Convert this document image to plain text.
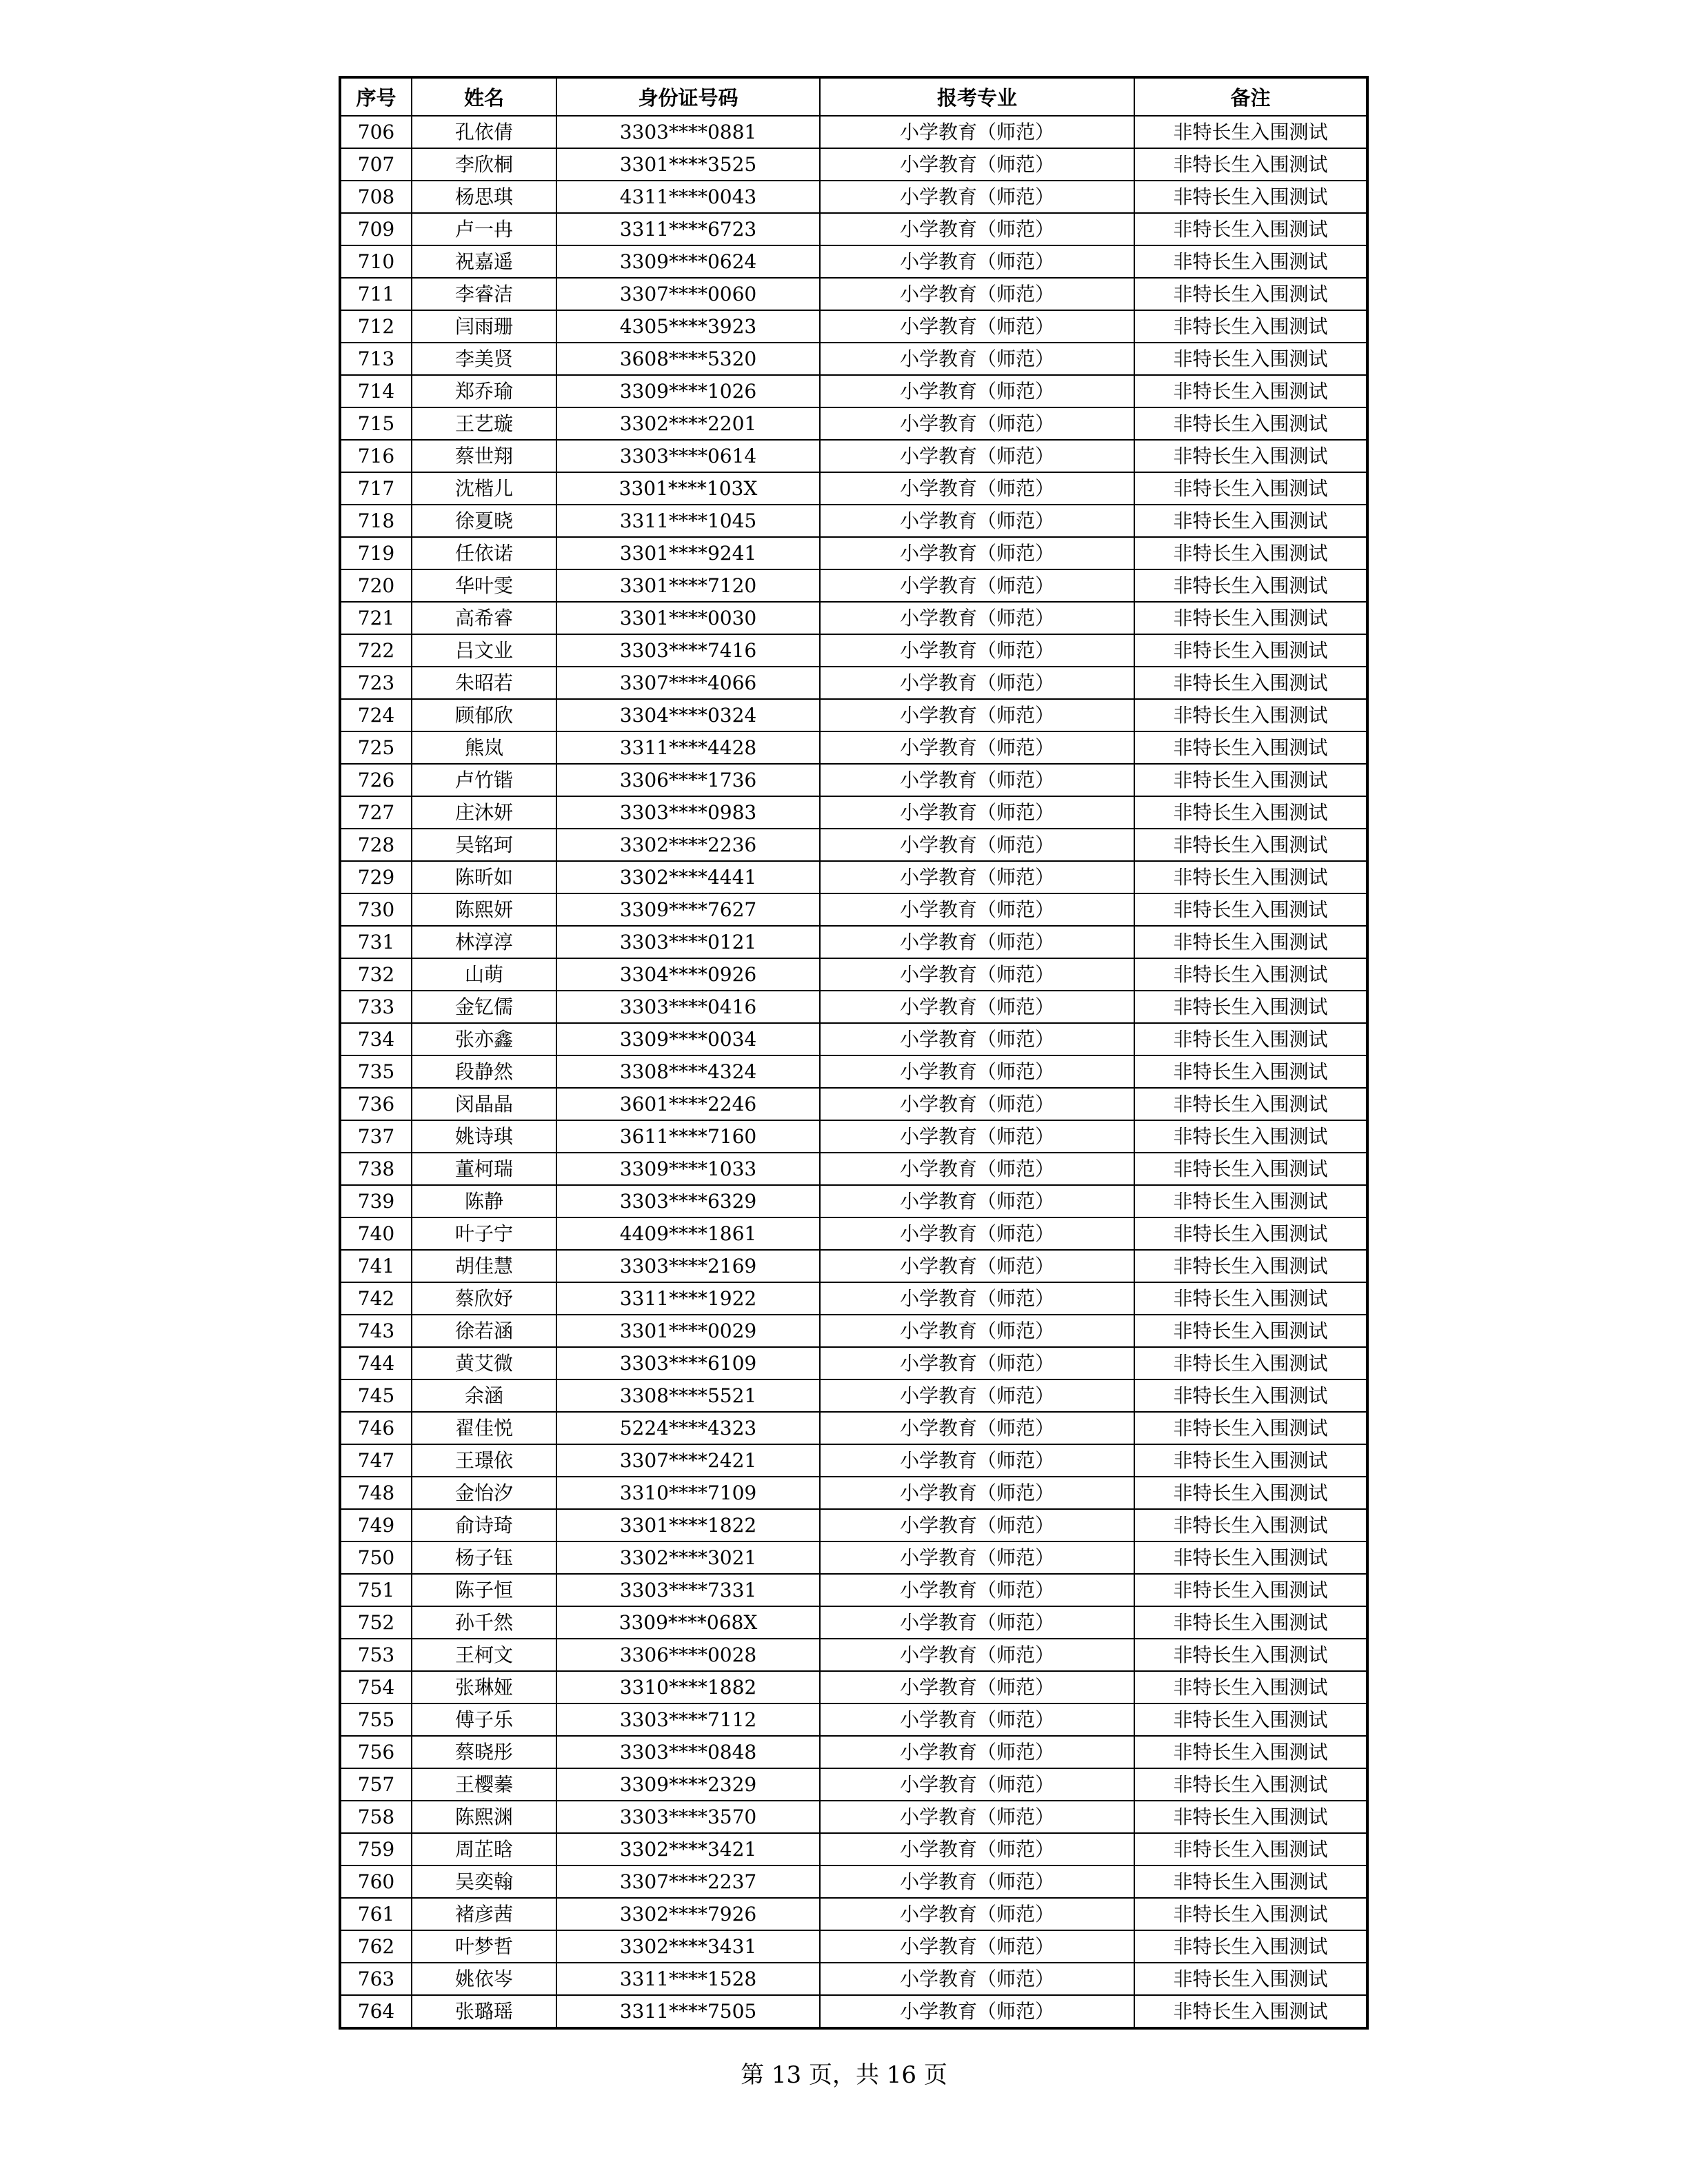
序号	姓名	身份证号码	报考专业	备注
706	孔依倩	3303****0881	小学教育（师范）	非特长生入围测试
707	李欣桐	3301****3525	小学教育（师范）	非特长生入围测试
708	杨思琪	4311****0043	小学教育（师范）	非特长生入围测试
709	卢一冉	3311****6723	小学教育（师范）	非特长生入围测试
710	祝嘉遥	3309****0624	小学教育（师范）	非特长生入围测试
711	李睿洁	3307****0060	小学教育（师范）	非特长生入围测试
712	闫雨珊	4305****3923	小学教育（师范）	非特长生入围测试
713	李美贤	3608****5320	小学教育（师范）	非特长生入围测试
714	郑乔瑜	3309****1026	小学教育（师范）	非特长生入围测试
715	王艺璇	3302****2201	小学教育（师范）	非特长生入围测试
716	蔡世翔	3303****0614	小学教育（师范）	非特长生入围测试
717	沈楷儿	3301****103X	小学教育（师范）	非特长生入围测试
718	徐夏晓	3311****1045	小学教育（师范）	非特长生入围测试
719	任依诺	3301****9241	小学教育（师范）	非特长生入围测试
720	华叶雯	3301****7120	小学教育（师范）	非特长生入围测试
721	高希睿	3301****0030	小学教育（师范）	非特长生入围测试
722	吕文业	3303****7416	小学教育（师范）	非特长生入围测试
723	朱昭若	3307****4066	小学教育（师范）	非特长生入围测试
724	顾郁欣	3304****0324	小学教育（师范）	非特长生入围测试
725	熊岚	3311****4428	小学教育（师范）	非特长生入围测试
726	卢竹锴	3306****1736	小学教育（师范）	非特长生入围测试
727	庄沐妍	3303****0983	小学教育（师范）	非特长生入围测试
728	吴铭珂	3302****2236	小学教育（师范）	非特长生入围测试
729	陈昕如	3302****4441	小学教育（师范）	非特长生入围测试
730	陈熙妍	3309****7627	小学教育（师范）	非特长生入围测试
731	林淳淳	3303****0121	小学教育（师范）	非特长生入围测试
732	山萌	3304****0926	小学教育（师范）	非特长生入围测试
733	金钇儒	3303****0416	小学教育（师范）	非特长生入围测试
734	张亦鑫	3309****0034	小学教育（师范）	非特长生入围测试
735	段静然	3308****4324	小学教育（师范）	非特长生入围测试
736	闵晶晶	3601****2246	小学教育（师范）	非特长生入围测试
737	姚诗琪	3611****7160	小学教育（师范）	非特长生入围测试
738	董柯瑞	3309****1033	小学教育（师范）	非特长生入围测试
739	陈静	3303****6329	小学教育（师范）	非特长生入围测试
740	叶子宁	4409****1861	小学教育（师范）	非特长生入围测试
741	胡佳慧	3303****2169	小学教育（师范）	非特长生入围测试
742	蔡欣妤	3311****1922	小学教育（师范）	非特长生入围测试
743	徐若涵	3301****0029	小学教育（师范）	非特长生入围测试
744	黄艾微	3303****6109	小学教育（师范）	非特长生入围测试
745	余涵	3308****5521	小学教育（师范）	非特长生入围测试
746	翟佳悦	5224****4323	小学教育（师范）	非特长生入围测试
747	王璟依	3307****2421	小学教育（师范）	非特长生入围测试
748	金怡汐	3310****7109	小学教育（师范）	非特长生入围测试
749	俞诗琦	3301****1822	小学教育（师范）	非特长生入围测试
750	杨子钰	3302****3021	小学教育（师范）	非特长生入围测试
751	陈子恒	3303****7331	小学教育（师范）	非特长生入围测试
752	孙千然	3309****068X	小学教育（师范）	非特长生入围测试
753	王柯文	3306****0028	小学教育（师范）	非特长生入围测试
754	张琳娅	3310****1882	小学教育（师范）	非特长生入围测试
755	傅子乐	3303****7112	小学教育（师范）	非特长生入围测试
756	蔡晓彤	3303****0848	小学教育（师范）	非特长生入围测试
757	王樱蓁	3309****2329	小学教育（师范）	非特长生入围测试
758	陈熙渊	3303****3570	小学教育（师范）	非特长生入围测试
759	周芷晗	3302****3421	小学教育（师范）	非特长生入围测试
760	吴奕翰	3307****2237	小学教育（师范）	非特长生入围测试
761	褚彦茜	3302****7926	小学教育（师范）	非特长生入围测试
762	叶梦哲	3302****3431	小学教育（师范）	非特长生入围测试
763	姚依岑	3311****1528	小学教育（师范）	非特长生入围测试
764	张璐瑶	3311****7505	小学教育（师范）	非特长生入围测试
第 13 页，共 16 页
